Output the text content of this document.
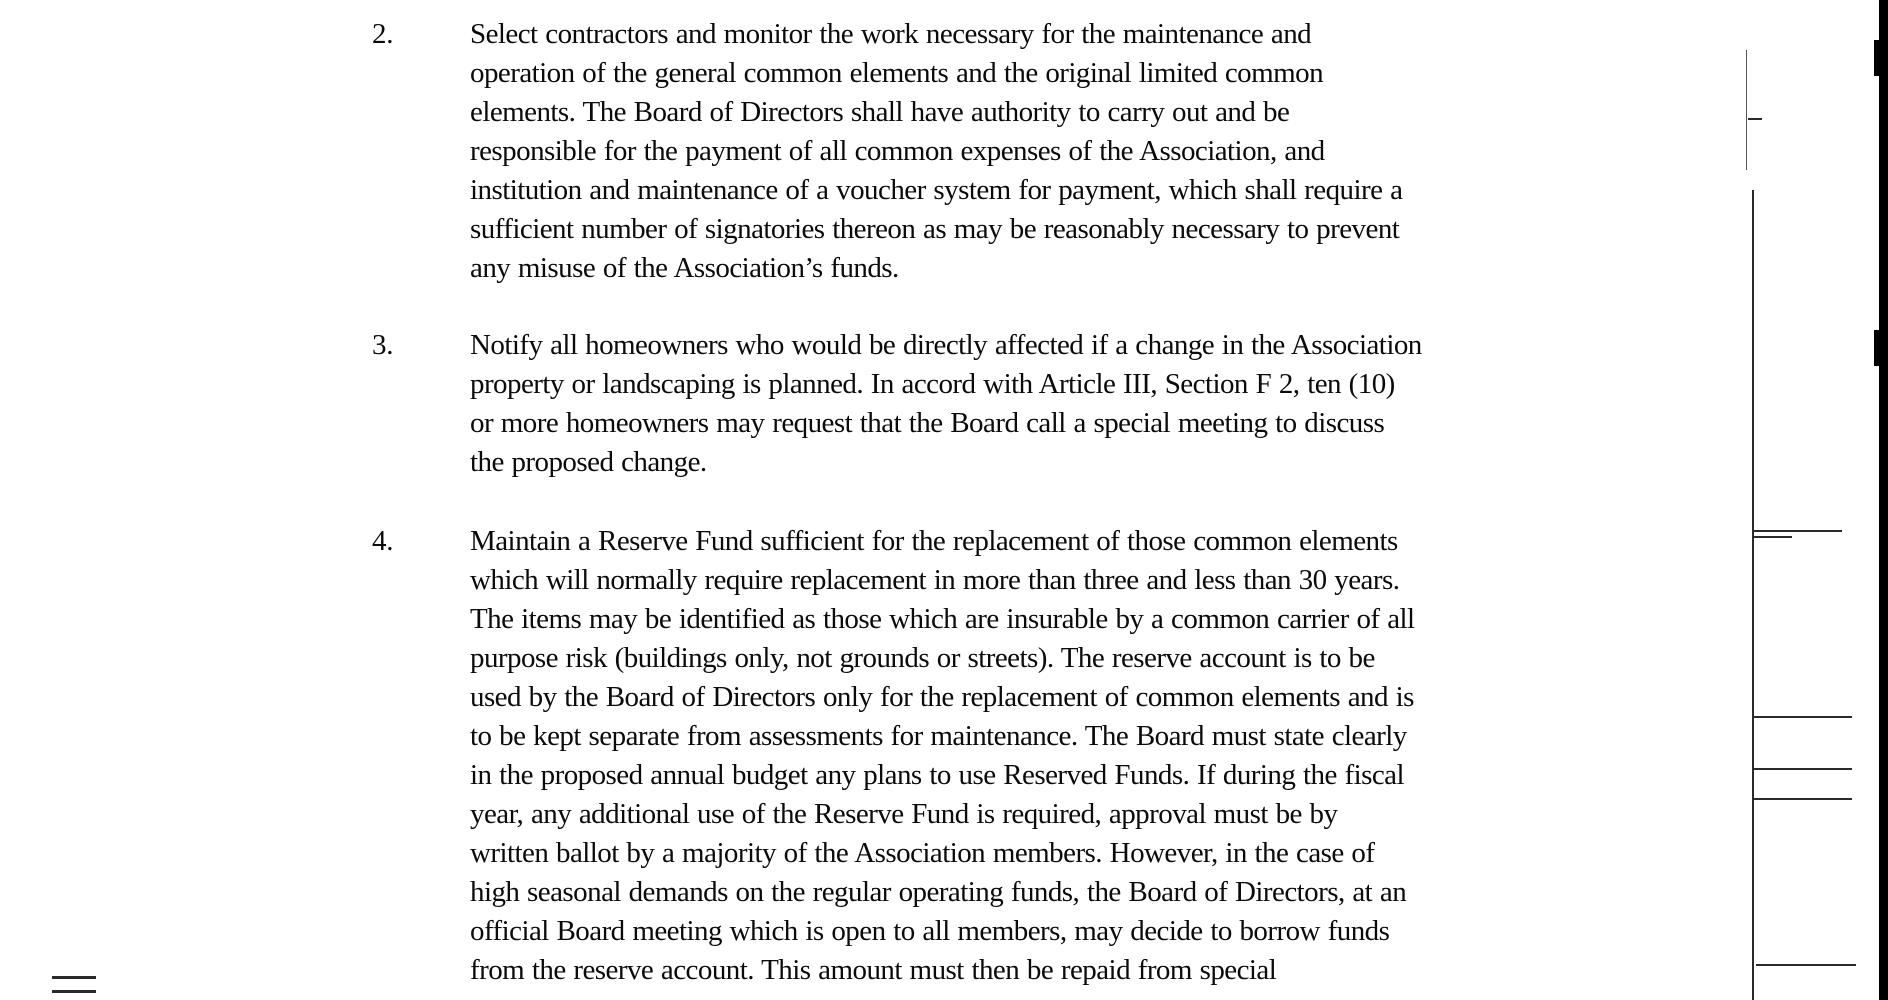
2.	Select contractors and monitor the work necessary for the maintenance and
operation of the general common elements and the original limited common
elements. The Board of Directors shall have authority to carry out and be
responsible for the payment of all common expenses of the Association, and
institution and maintenance of a voucher system for payment, which shall require a
sufficient number of signatories thereon as may be reasonably necessary to prevent
any misuse of the Association’s funds.
3.	Notify all homeowners who would be directly affected if a change in the Association
property or landscaping is planned. In accord with Article III, Section F 2, ten (10)
or more homeowners may request that the Board call a special meeting to discuss
the proposed change.
4.	Maintain a Reserve Fund sufficient for the replacement of those common elements
which will normally require replacement in more than three and less than 30 years.
The items may be identified as those which are insurable by a common carrier of all
purpose risk (buildings only, not grounds or streets). The reserve account is to be
used by the Board of Directors only for the replacement of common elements and is
to be kept separate from assessments for maintenance. The Board must state clearly
in the proposed annual budget any plans to use Reserved Funds. If during the fiscal
year, any additional use of the Reserve Fund is required, approval must be by
written ballot by a majority of the Association members. However, in the case of
high seasonal demands on the regular operating funds, the Board of Directors, at an
official Board meeting which is open to all members, may decide to borrow funds
from the reserve account. This amount must then be repaid from special
